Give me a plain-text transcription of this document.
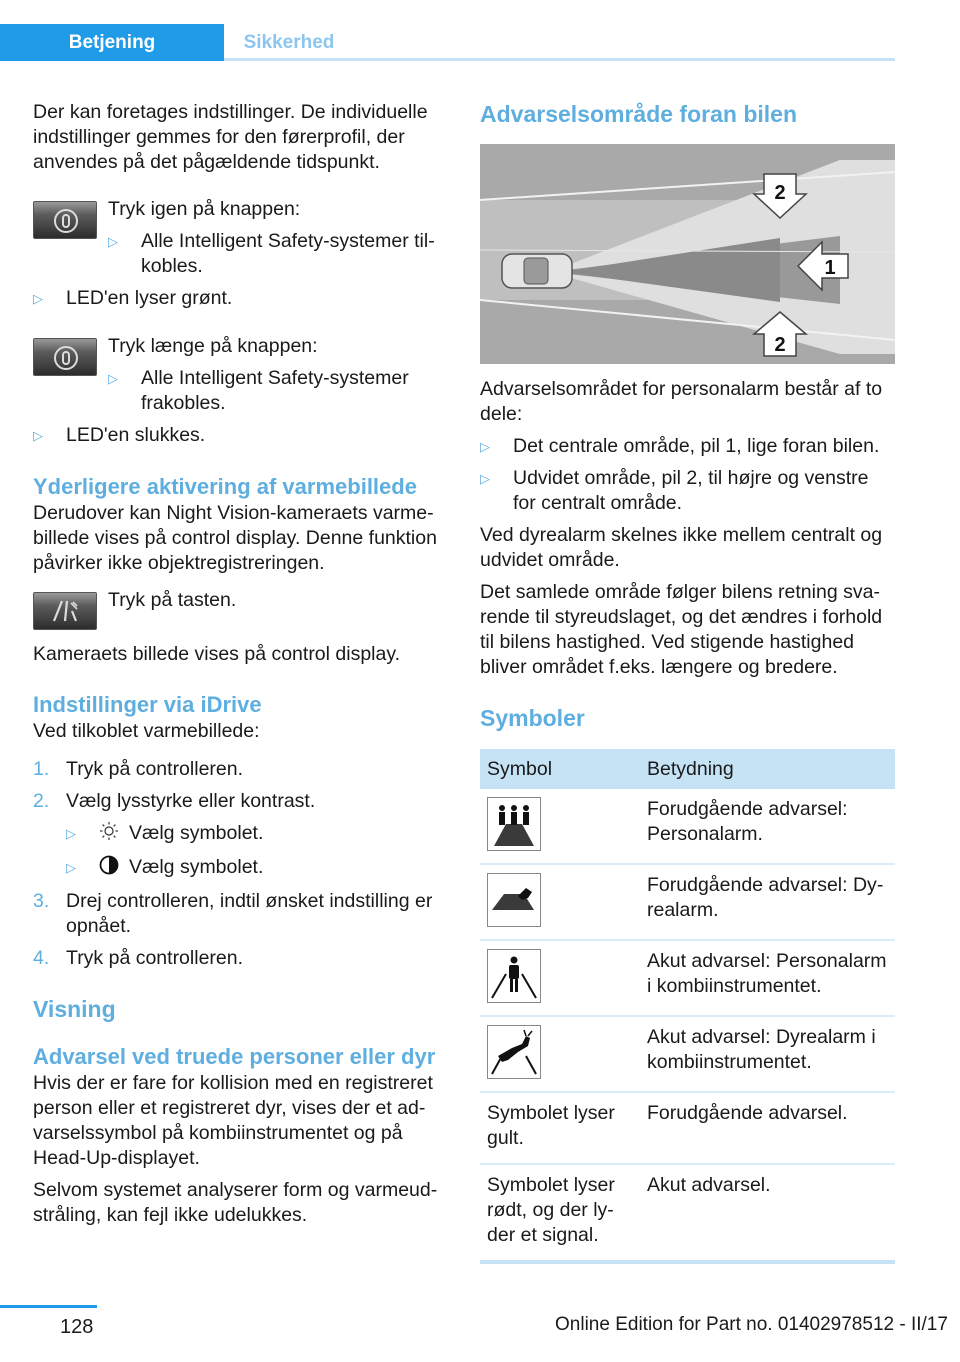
Betjening	Sikkerhed

Der kan foretages indstillinger. De individuelle indstillinger gemmes for den førerprofil, der anvendes på det pågældende tidspunkt.

Tryk igen på knappen:

▷	Alle Intelligent Safety-systemer tilkobles.
▷	LED'en lyser grønt.

Tryk længe på knappen:

▷	Alle Intelligent Safety-systemer frakobles.
▷	LED'en slukkes.
Yderligere aktivering af varmebillede

Derudover kan Night Vision-kameraets varmebillede vises på control display. Denne funktion påvirker ikke objektregistreringen.

Tryk på tasten.

Kameraets billede vises på control display.

Indstillinger via iDrive

Ved tilkoblet varmebillede:

1. Tryk på controlleren.
2. Vælg lysstyrke eller kontrast.
▷	Vælg symbolet.
▷	Vælg symbolet.
3. Drej controlleren, indtil ønsket indstilling er opnået.
4. Tryk på controlleren.
Visning
Advarsel ved truede personer eller dyr

Hvis der er fare for kollision med en registreret person eller et registreret dyr, vises der et advarselssymbol på kombiinstrumentet og på Head-Up-displayet.

Selvom systemet analyserer form og varmeudstråling, kan fejl ikke udelukkes.

Advarselsområde foran bilen
2
1
2

Advarselsområdet for personalarm består af to dele:

▷	Det centrale område, pil 1, lige foran bilen.
▷	Udvidet område, pil 2, til højre og venstre for centralt område.

Ved dyrealarm skelnes ikke mellem centralt og udvidet område.

Det samlede område følger bilens retning svarende til styreudslaget, og det ændres i forhold til bilens hastighed. Ved stigende hastighed bliver området f.eks. længere og bredere.

Symboler
Symbol	Betydning

	Forudgående advarsel: Personalarm.

	Forudgående advarsel: Dyrealarm.

	Akut advarsel: Personalarm i kombiinstrumentet.

	Akut advarsel: Dyrealarm i kombiinstrumentet.
Symbolet lyser gult.	Forudgående advarsel.
Symbolet lyser rødt, og der lyder et signal.	Akut advarsel.
128	Online Edition for Part no. 01402978512 - II/17
